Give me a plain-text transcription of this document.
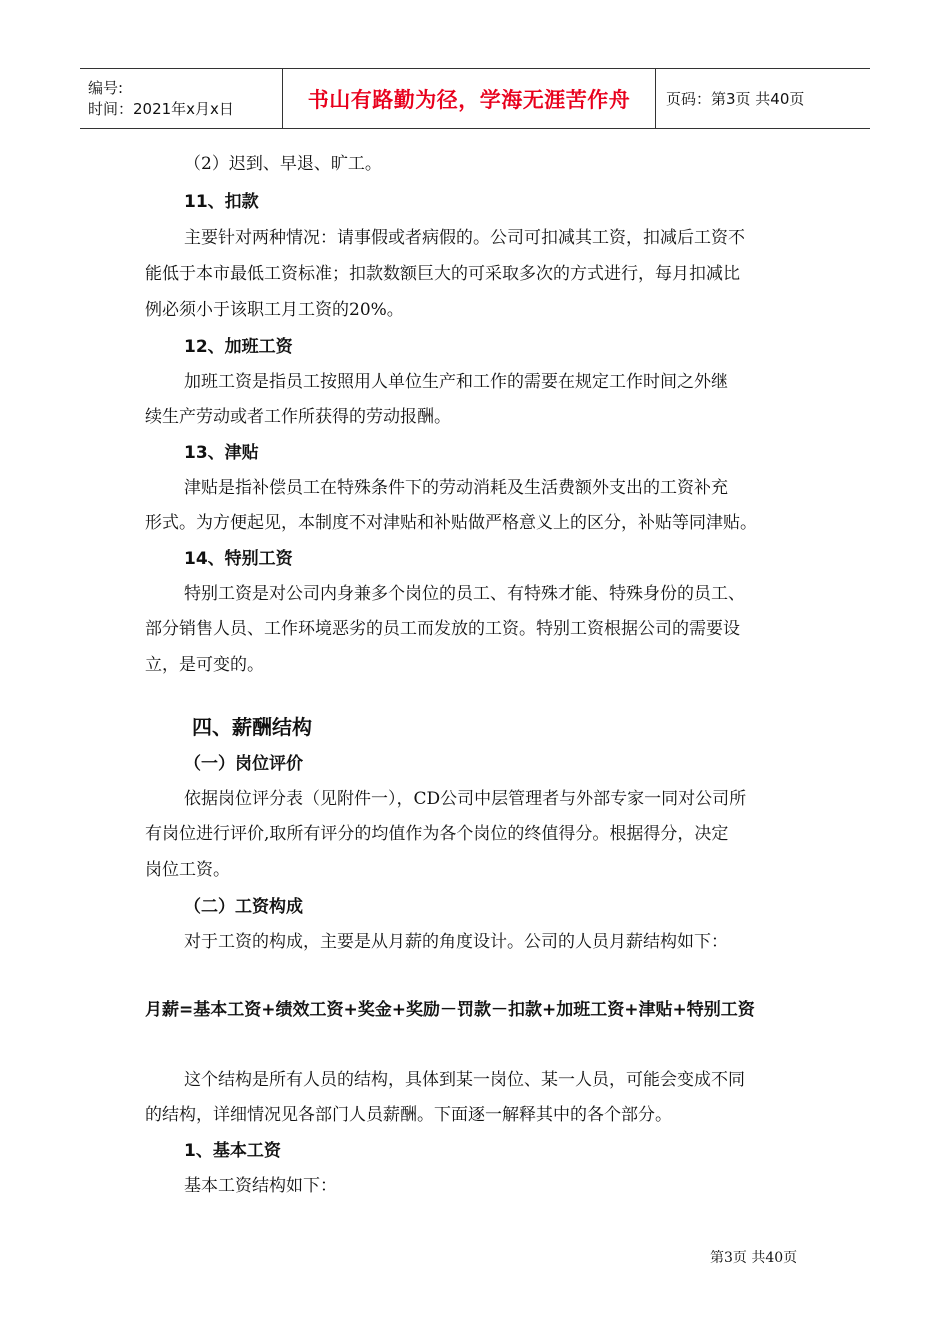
编号:
时间：2021年x月x日	书山有路勤为径，学海无涯苦作舟	页码：第3页 共40页
（2）迟到、早退、旷工。
11、扣款
主要针对两种情况：请事假或者病假的。公司可扣减其工资，扣减后工资不
能低于本市最低工资标准；扣款数额巨大的可采取多次的方式进行，每月扣减比
例必须小于该职工月工资的20%。
12、加班工资
加班工资是指员工按照用人单位生产和工作的需要在规定工作时间之外继
续生产劳动或者工作所获得的劳动报酬。
13、津贴
津贴是指补偿员工在特殊条件下的劳动消耗及生活费额外支出的工资补充
形式。为方便起见，本制度不对津贴和补贴做严格意义上的区分，补贴等同津贴。
14、特别工资
特别工资是对公司内身兼多个岗位的员工、有特殊才能、特殊身份的员工、
部分销售人员、工作环境恶劣的员工而发放的工资。特别工资根据公司的需要设
立，是可变的。
四、薪酬结构
（一）岗位评价
依据岗位评分表（见附件一），CD公司中层管理者与外部专家一同对公司所
有岗位进行评价,取所有评分的均值作为各个岗位的终值得分。根据得分，决定
岗位工资。
（二）工资构成
对于工资的构成，主要是从月薪的角度设计。公司的人员月薪结构如下：
月薪=基本工资+绩效工资+奖金+奖励－罚款－扣款+加班工资+津贴+特别工资
这个结构是所有人员的结构，具体到某一岗位、某一人员，可能会变成不同
的结构，详细情况见各部门人员薪酬。下面逐一解释其中的各个部分。
1、基本工资
基本工资结构如下：
第3页 共40页
